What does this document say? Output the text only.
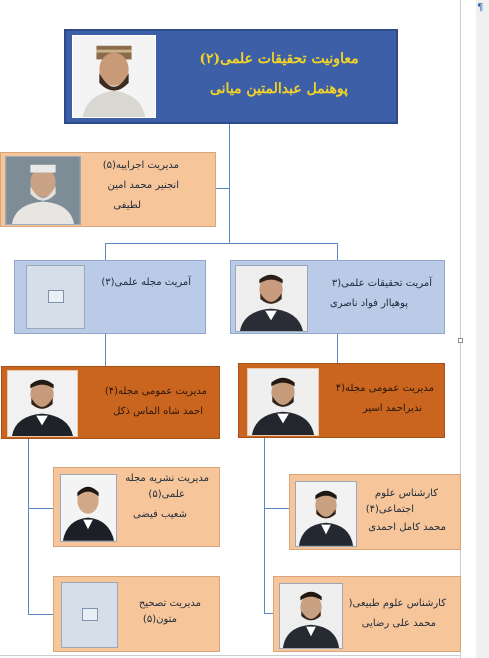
¶
معاونیت تحقیقات علمی(۲)
پوهنمل عبدالمتین میانی
مدیریت اجراییه(۵)
انجنیر محمد امین
لطیفی
آمریت مجله علمی(۳)	آمریت تحقیقات علمی(۳
پوهیاار فواد ناصری
مدیریت عمومی مجله(۴)
احمد شاه الماس ذکل
مدیریت عمومی مجله(۴
نذیراحمد اسیر
مدیریت نشریه مجله
علمی(۵)
شعیب فیضی
مدیریت تصحیح
متون(۵)
کارشناس علوم
اجتماعی(۴)
محمد کامل احمدی
کارشناس علوم طبیعی(
محمد علی رضایی
